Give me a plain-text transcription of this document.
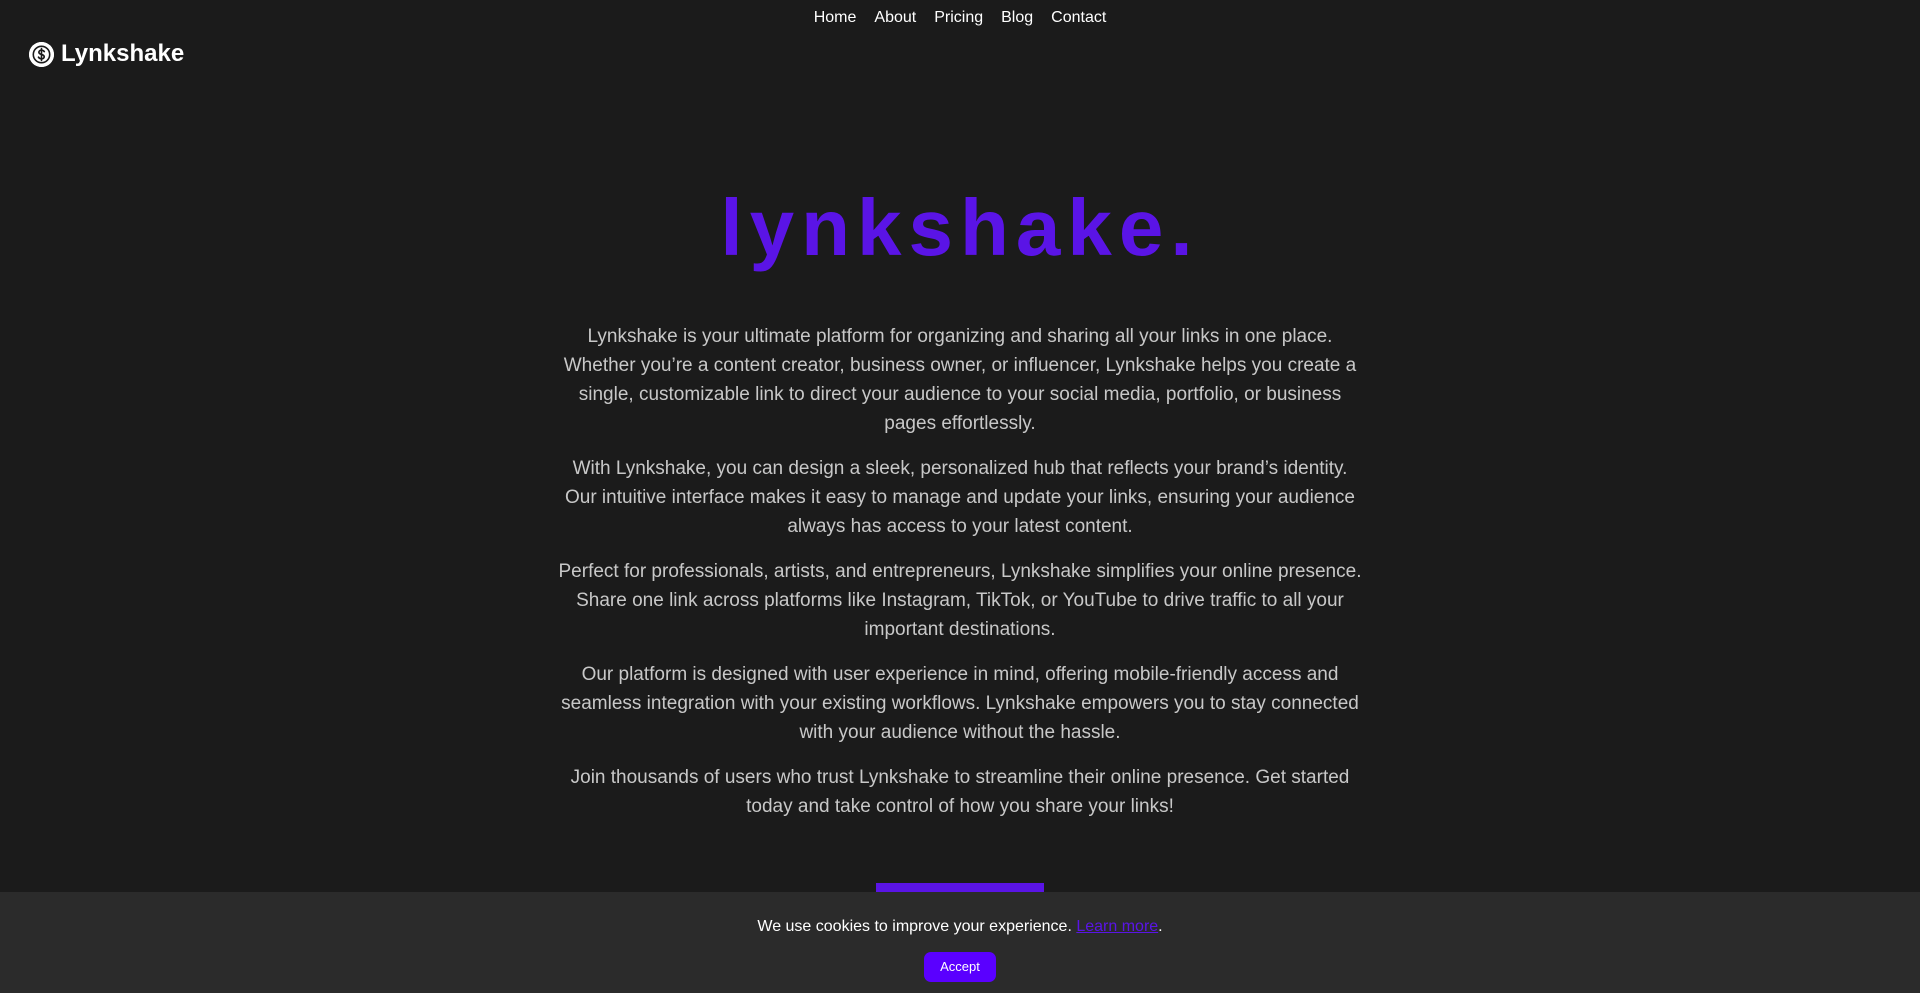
Home About Pricing Blog Contact
Lynkshake
lynkshake.

Lynkshake is your ultimate platform for organizing and sharing all your links in one place. Whether you’re a content creator, business owner, or influencer, Lynkshake helps you create a single, customizable link to direct your audience to your social media, portfolio, or business pages effortlessly.

With Lynkshake, you can design a sleek, personalized hub that reflects your brand’s identity. Our intuitive interface makes it easy to manage and update your links, ensuring your audience always has access to your latest content.

Perfect for professionals, artists, and entrepreneurs, Lynkshake simplifies your online presence. Share one link across platforms like Instagram, TikTok, or YouTube to drive traffic to all your important destinations.

Our platform is designed with user experience in mind, offering mobile-friendly access and seamless integration with your existing workflows. Lynkshake empowers you to stay connected with your audience without the hassle.

Join thousands of users who trust Lynkshake to streamline their online presence. Get started today and take control of how you share your links!

We use cookies to improve your experience. Learn more.
Accept
